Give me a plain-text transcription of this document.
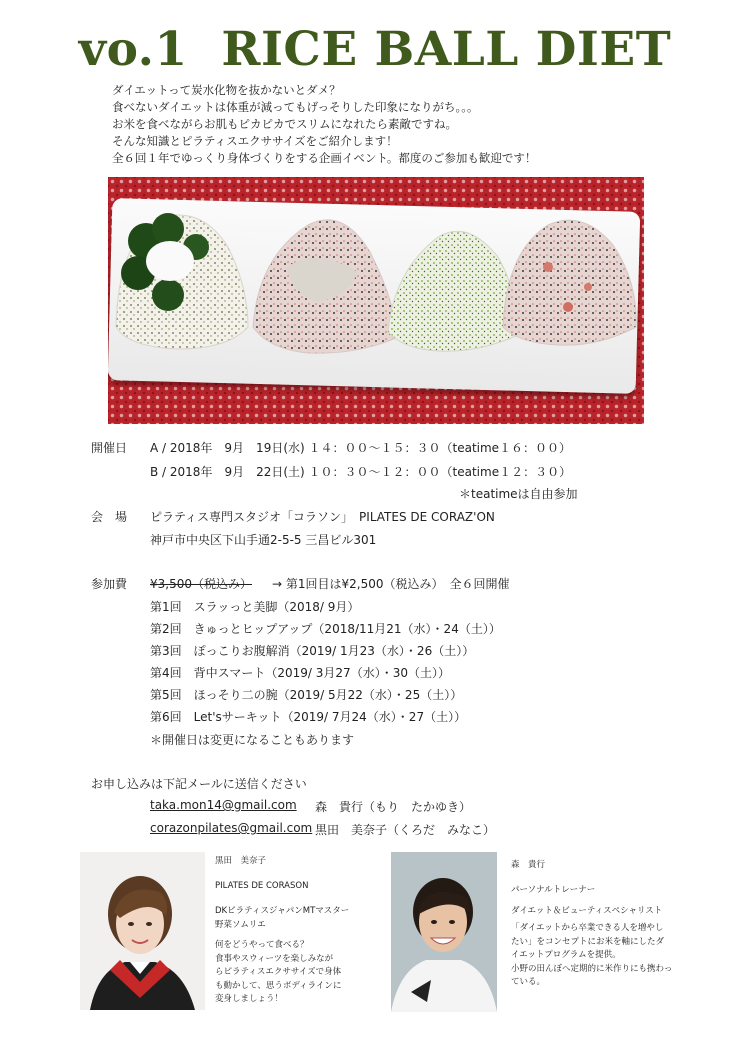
vo.1  RICE BALL DIET
ダイエットって炭水化物を抜かないとダメ？
食べないダイエットは体重が減ってもげっそりした印象になりがち。。。
お米を食べながらお肌もピカピカでスリムになれたら素敵ですね。
そんな知識とピラティスエクササイズをご紹介します！
全６回１年でゆっくり身体づくりをする企画イベント。都度のご参加も歓迎です！
開催日 A / 2018年　9月　19日(水) １４：００～１５：３０（teatime１６：００）
B / 2018年　9月　22日(土) １０：３０～１２：００（teatime１２：３０）
＊teatimeは自由参加
会　場 ピラティス専門スタジオ「コラソン」　PILATES DE CORAZ'ON
神戸市中央区下山手通2-5-5 三昌ビル301
参加費 ¥3,500（税込み） → 第1回目は¥2,500（税込み）　全６回開催
第1回　スラッっと美脚（2018/ 9月）
第2回　きゅっとヒップアップ（2018/11月21（水）・24（土））
第3回　ぽっこりお腹解消（2019/ 1月23（水）・26（土））
第4回　背中スマート（2019/ 3月27（水）・30（土））
第5回　ほっそり二の腕（2019/ 5月22（水）・25（土））
第6回　Let'sサーキット（2019/ 7月24（水）・27（土））
＊開催日は変更になることもあります
お申し込みは下記メールに送信ください
taka.mon14@gmail.com 森　貴行（もり　たかゆき）
corazonpilates@gmail.com 黒田　美奈子（くろだ　みなこ）
黒田　美奈子
PILATES DE CORASON
DKピラティスジャパンMTマスター
野菜ソムリエ
何をどうやって食べる？
食事やスウィーツを楽しみなが
らピラティスエクササイズで身体
も動かして、思うボディラインに
変身しましょう！
森　貴行
パーソナルトレーナー
ダイエット＆ビューティスペシャリスト
「ダイエットから卒業できる人を増やし
たい」をコンセプトにお米を軸にしたダ
イエットプログラムを提供。
小野の田んぼへ定期的に米作りにも携わっ
ている。
